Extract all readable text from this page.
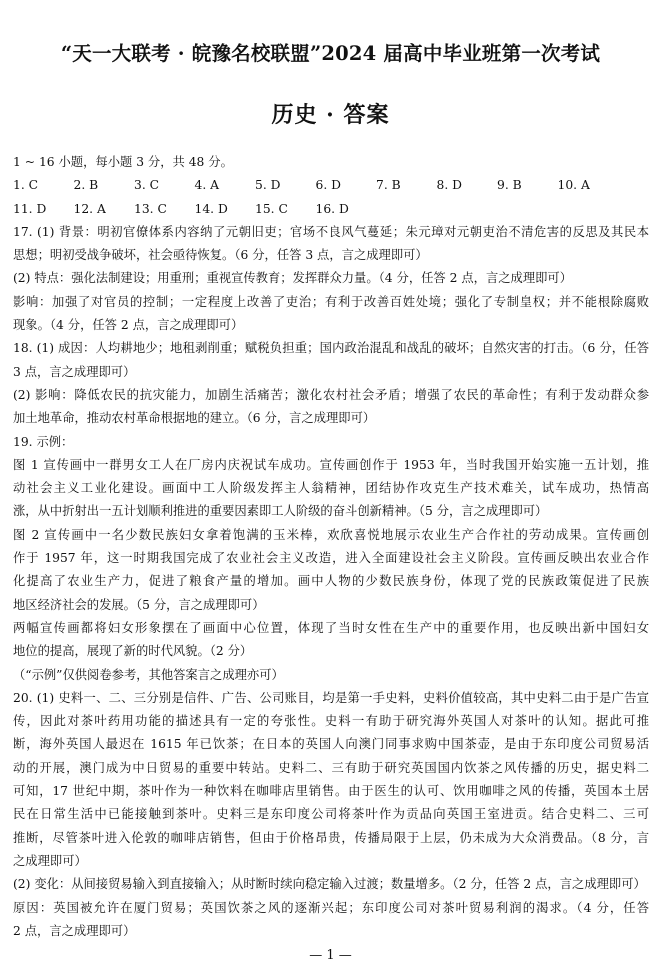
“天一大联考 · 皖豫名校联盟”2024 届高中毕业班第一次考试
历史 · 答案
1 ~ 16 小题，每小题 3 分，共 48 分。
1. C	2. B	3. C	4. A	5. D	6. D	7. B	8. D	9. B	10. A
11. D	12. A	13. C	14. D	15. C	16. D
17. (1) 背景：明初官僚体系内容纳了元朝旧吏；官场不良风气蔓延；朱元璋对元朝吏治不清危害的反思及其民本
思想；明初受战争破坏，社会亟待恢复。（6 分，任答 3 点，言之成理即可）
(2) 特点：强化法制建设；用重刑；重视宣传教育；发挥群众力量。（4 分，任答 2 点，言之成理即可）
影响：加强了对官员的控制；一定程度上改善了吏治；有利于改善百姓处境；强化了专制皇权；并不能根除腐败
现象。（4 分，任答 2 点，言之成理即可）
18. (1) 成因：人均耕地少；地租剥削重；赋税负担重；国内政治混乱和战乱的破坏；自然灾害的打击。（6 分，任答
3 点，言之成理即可）
(2) 影响：降低农民的抗灾能力，加剧生活痛苦；激化农村社会矛盾；增强了农民的革命性；有利于发动群众参
加土地革命，推动农村革命根据地的建立。（6 分，言之成理即可）
19. 示例：
图 1 宣传画中一群男女工人在厂房内庆祝试车成功。宣传画创作于 1953 年，当时我国开始实施一五计划，推
动社会主义工业化建设。画面中工人阶级发挥主人翁精神，团结协作攻克生产技术难关，试车成功，热情高
涨，从中折射出一五计划顺利推进的重要因素即工人阶级的奋斗创新精神。（5 分，言之成理即可）
图 2 宣传画中一名少数民族妇女拿着饱满的玉米棒，欢欣喜悦地展示农业生产合作社的劳动成果。宣传画创
作于 1957 年，这一时期我国完成了农业社会主义改造，进入全面建设社会主义阶段。宣传画反映出农业合作
化提高了农业生产力，促进了粮食产量的增加。画中人物的少数民族身份，体现了党的民族政策促进了民族
地区经济社会的发展。（5 分，言之成理即可）
两幅宣传画都将妇女形象摆在了画面中心位置，体现了当时女性在生产中的重要作用，也反映出新中国妇女
地位的提高，展现了新的时代风貌。（2 分）
（“示例”仅供阅卷参考，其他答案言之成理亦可）
20. (1) 史料一、二、三分别是信件、广告、公司账目，均是第一手史料，史料价值较高，其中史料二由于是广告宣
传，因此对茶叶药用功能的描述具有一定的夸张性。史料一有助于研究海外英国人对茶叶的认知。据此可推
断，海外英国人最迟在 1615 年已饮茶；在日本的英国人向澳门同事求购中国茶壶，是由于东印度公司贸易活
动的开展，澳门成为中日贸易的重要中转站。史料二、三有助于研究英国国内饮茶之风传播的历史，据史料二
可知，17 世纪中期，茶叶作为一种饮料在咖啡店里销售。由于医生的认可、饮用咖啡之风的传播，英国本土居
民在日常生活中已能接触到茶叶。史料三是东印度公司将茶叶作为贡品向英国王室进贡。结合史料二、三可
推断，尽管茶叶进入伦敦的咖啡店销售，但由于价格昂贵，传播局限于上层，仍未成为大众消费品。（8 分，言
之成理即可）
(2) 变化：从间接贸易输入到直接输入；从时断时续向稳定输入过渡；数量增多。（2 分，任答 2 点，言之成理即可）
原因：英国被允许在厦门贸易；英国饮茶之风的逐渐兴起；东印度公司对茶叶贸易利润的渴求。（4 分，任答
2 点，言之成理即可）
— 1 —
